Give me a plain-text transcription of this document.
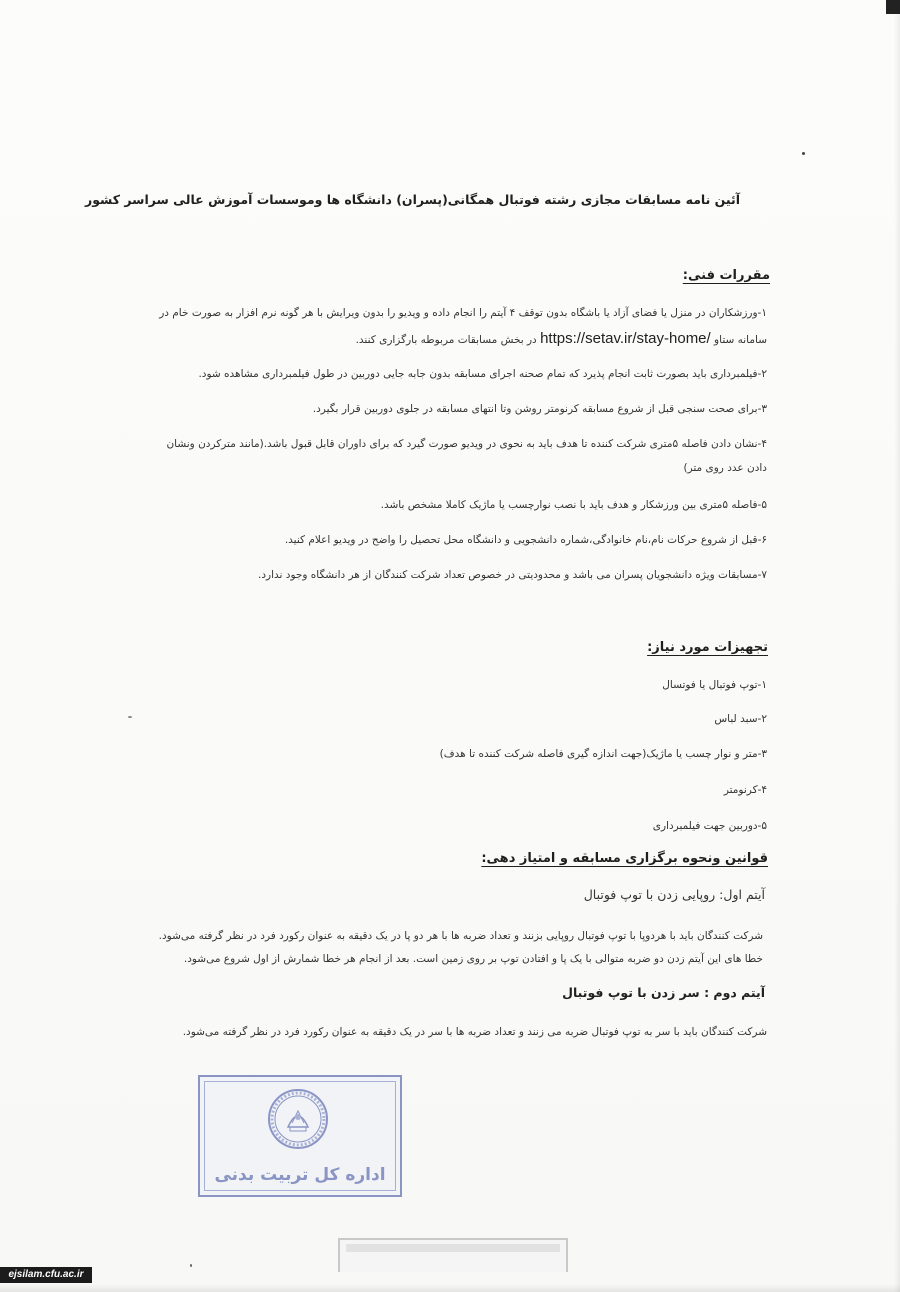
آئین نامه مسابقات مجازی رشته فوتبال همگانی(پسران) دانشگاه ها وموسسات آموزش عالی سراسر کشور
مقررات فنی:
۱-ورزشکاران در منزل یا فضای آزاد یا باشگاه بدون توقف ۴ آیتم را انجام داده و ویدیو را بدون ویرایش با هر گونه نرم افزار به صورت خام در
سامانه ستاو https://setav.ir/stay-home/ در بخش مسابقات مربوطه بارگزاری کنند.
۲-فیلمبرداری باید بصورت ثابت انجام پذیرد که تمام صحنه اجرای مسابقه بدون جابه جایی دوربین در طول فیلمبرداری مشاهده شود.
۳-برای صحت سنجی قبل از شروع مسابقه کرنومتر روشن وتا انتهای مسابقه در جلوی دوربین قرار بگیرد.
۴-نشان دادن فاصله ۵متری شرکت کننده تا هدف باید به نحوی در ویدیو صورت گیرد که برای داوران قابل قبول باشد.(مانند مترکردن ونشان
دادن عدد روی متر)
۵-فاصله ۵متری بین ورزشکار و هدف باید با نصب نوارچسب یا ماژیک کاملا مشخص باشد.
۶-قبل از شروع حرکات نام،نام خانوادگی،شماره دانشجویی و دانشگاه محل تحصیل را واضح در ویدیو اعلام کنید.
۷-مسابقات ویژه دانشجویان پسران می باشد و محدودیتی در خصوص تعداد شرکت کنندگان از هر دانشگاه وجود ندارد.
تجهیزات مورد نیاز:
۱-توپ فوتبال یا فوتسال
۲-سبد لباس
۳-متر و نوار چسب یا ماژیک(جهت اندازه گیری فاصله شرکت کننده تا هدف)
۴-کرنومتر
۵-دوربین جهت فیلمبرداری
قوانین ونحوه برگزاری مسابقه و امتیاز دهی:
آیتم اول: روپایی زدن با توپ فوتبال
شرکت کنندگان باید با هردوپا با توپ فوتبال روپایی بزنند و تعداد ضربه ها با هر دو پا در یک دقیقه به عنوان رکورد فرد در نظر گرفته می‌شود.
خطا های این آیتم زدن دو ضربه متوالی با یک پا و افتادن توپ بر روی زمین است. بعد از انجام هر خطا شمارش از اول شروع می‌شود.
آیتم دوم : سر زدن با توپ فوتبال
شرکت کنندگان باید با سر به توپ فوتبال ضربه می زنند و تعداد ضربه ها با سر در یک دقیقه به عنوان رکورد فرد در نظر گرفته می‌شود.
اداره کل تربیت بدنی
ejsilam.cfu.ac.ir
